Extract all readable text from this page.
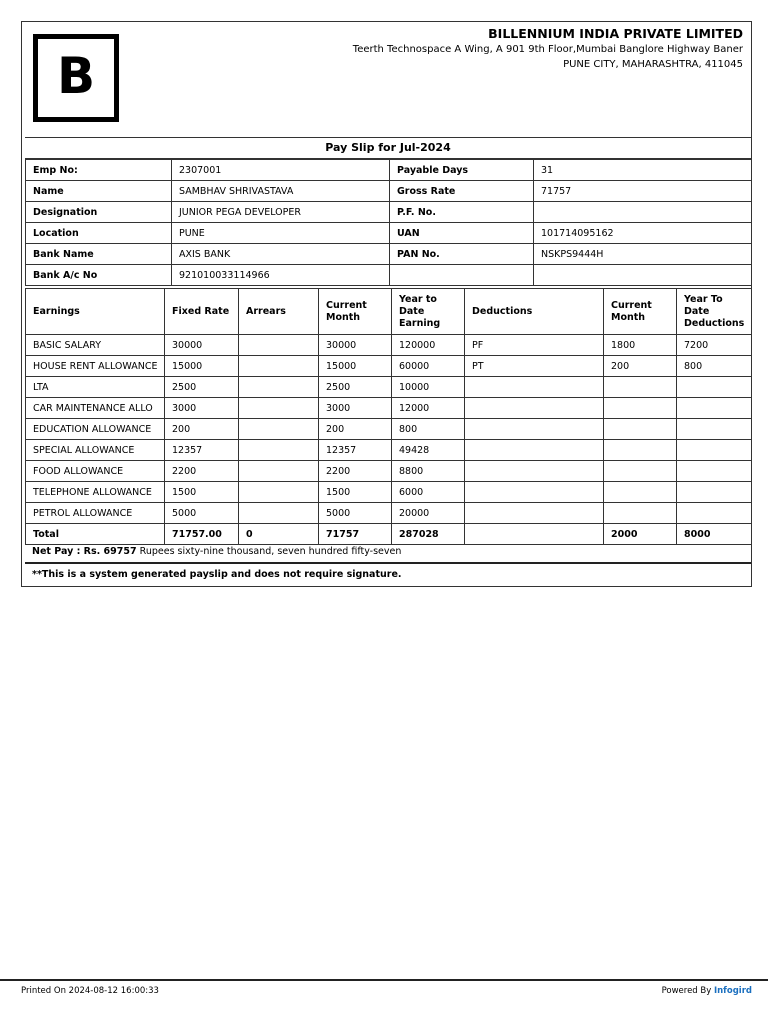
B
BILLENNIUM INDIA PRIVATE LIMITED
Teerth Technospace A Wing, A 901 9th Floor,Mumbai Banglore Highway Baner
PUNE CITY, MAHARASHTRA, 411045
Pay Slip for Jul-2024
Emp No:	2307001	Payable Days	31
Name	SAMBHAV SHRIVASTAVA	Gross Rate	71757
Designation	JUNIOR PEGA DEVELOPER	P.F. No.	
Location	PUNE	UAN	101714095162
Bank Name	AXIS BANK	PAN No.	NSKPS9444H
Bank A/c No	921010033114966		
Earnings	Fixed Rate	Arrears	Current Month	Year to Date Earning	Deductions	Current Month	Year To Date Deductions
BASIC SALARY	30000		30000	120000	PF	1800	7200
HOUSE RENT ALLOWANCE	15000		15000	60000	PT	200	800
LTA	2500		2500	10000			
CAR MAINTENANCE ALLO	3000		3000	12000			
EDUCATION ALLOWANCE	200		200	800			
SPECIAL ALLOWANCE	12357		12357	49428			
FOOD ALLOWANCE	2200		2200	8800			
TELEPHONE ALLOWANCE	1500		1500	6000			
PETROL ALLOWANCE	5000		5000	20000			
Total	71757.00	0	71757	287028		2000	8000
Net Pay : Rs. 69757 Rupees sixty-nine thousand, seven hundred fifty-seven
**This is a system generated payslip and does not require signature.
Printed On 2024-08-12 16:00:33	Powered By Infogird
